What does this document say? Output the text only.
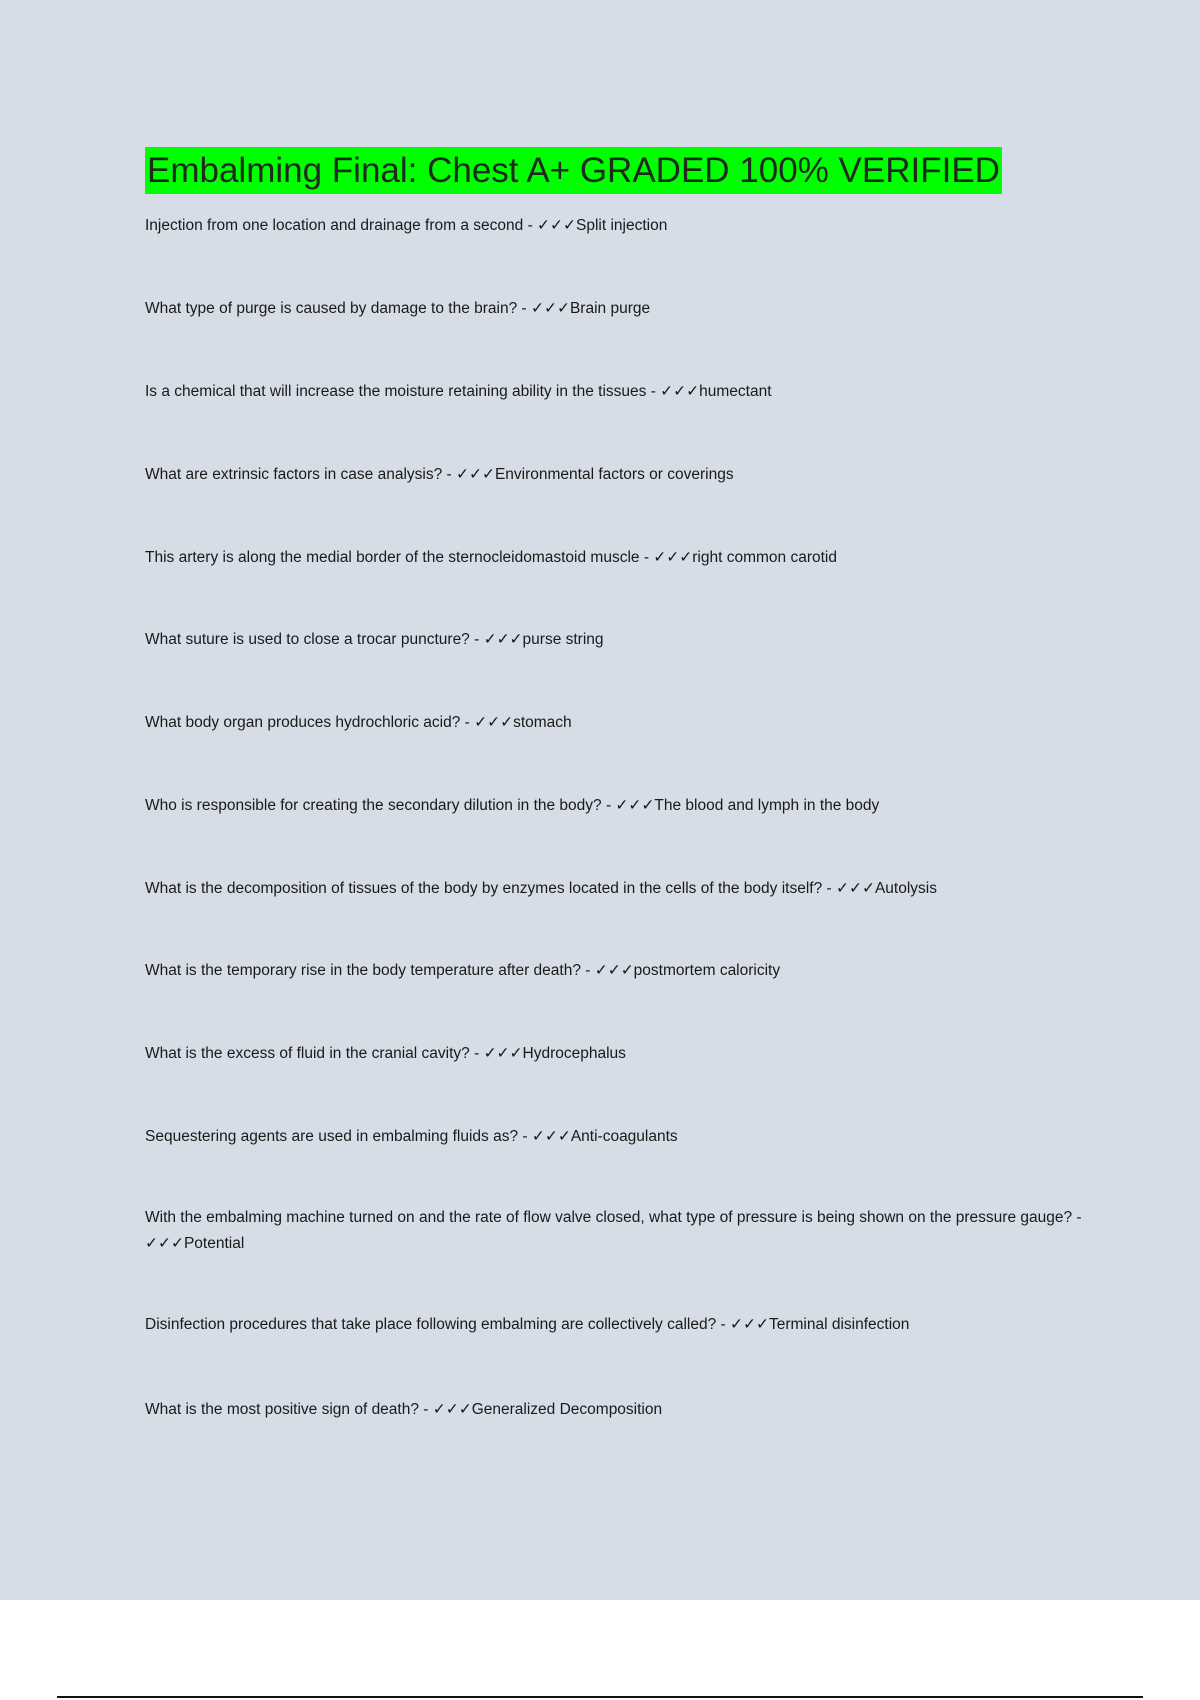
Embalming Final: Chest A+ GRADED 100% VERIFIED
Injection from one location and drainage from a second - ✓✓✓Split injection
What type of purge is caused by damage to the brain? - ✓✓✓Brain purge
Is a chemical that will increase the moisture retaining ability in the tissues - ✓✓✓humectant
What are extrinsic factors in case analysis? - ✓✓✓Environmental factors or coverings
This artery is along the medial border of the sternocleidomastoid muscle - ✓✓✓right common carotid
What suture is used to close a trocar puncture? - ✓✓✓purse string
What body organ produces hydrochloric acid? - ✓✓✓stomach
Who is responsible for creating the secondary dilution in the body? - ✓✓✓The blood and lymph in the body
What is the decomposition of tissues of the body by enzymes located in the cells of the body itself? - ✓✓✓Autolysis
What is the temporary rise in the body temperature after death? - ✓✓✓postmortem caloricity
What is the excess of fluid in the cranial cavity? - ✓✓✓Hydrocephalus
Sequestering agents are used in embalming fluids as? - ✓✓✓Anti-coagulants
With the embalming machine turned on and the rate of flow valve closed, what type of pressure is being shown on the pressure gauge? - ✓✓✓Potential
Disinfection procedures that take place following embalming are collectively called? - ✓✓✓Terminal disinfection
What is the most positive sign of death? - ✓✓✓Generalized Decomposition
